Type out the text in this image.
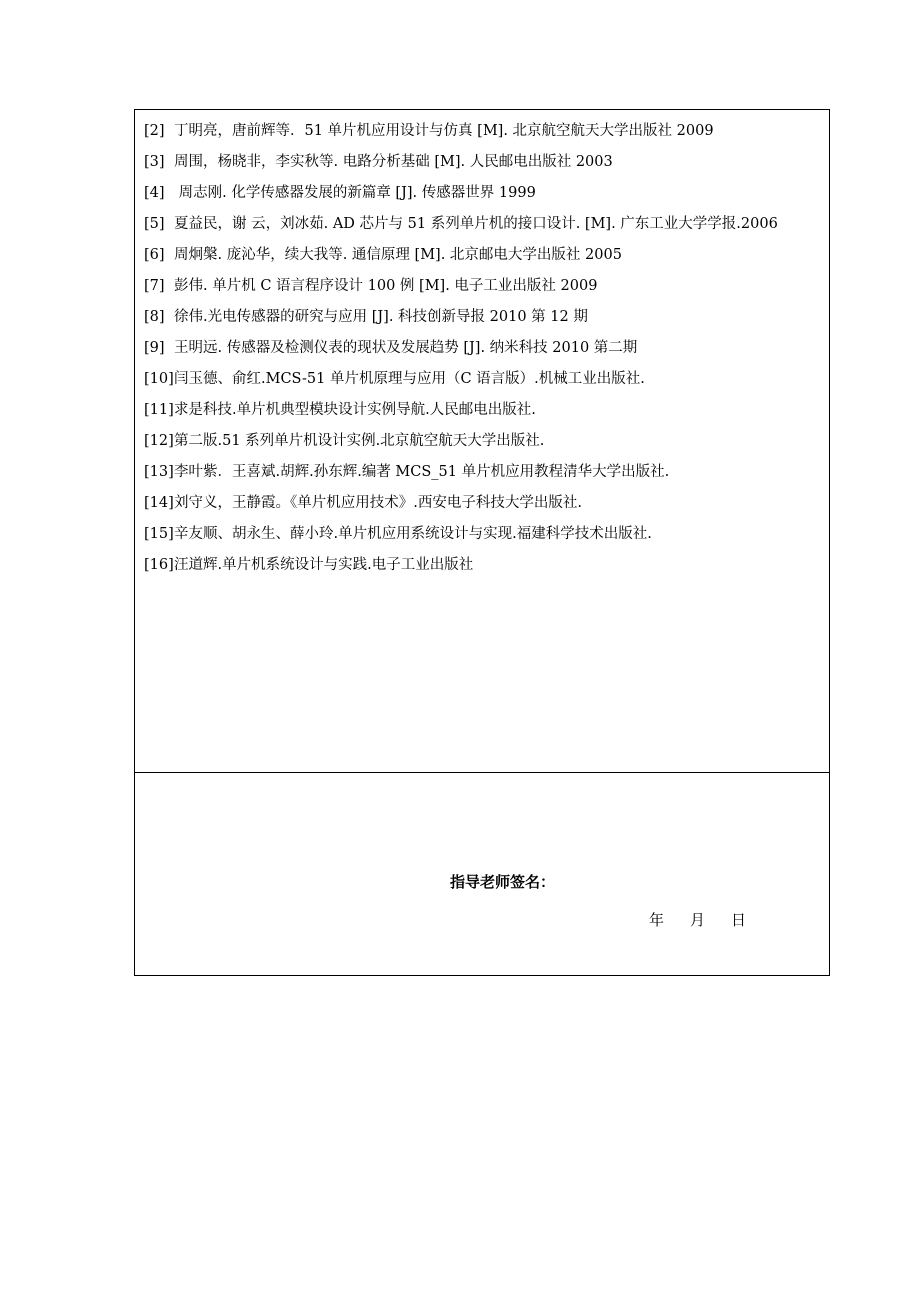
[2] 丁明亮，唐前辉等．51 单片机应用设计与仿真 [M]. 北京航空航天大学出版社 2009
[3] 周围，杨晓非，李实秋等. 电路分析基础 [M]. 人民邮电出版社 2003
[4] 周志刚. 化学传感器发展的新篇章 [J]. 传感器世界 1999
[5] 夏益民，谢 云，刘冰茹. AD 芯片与 51 系列单片机的接口设计. [M]. 广东工业大学学报.2006
[6] 周炯槃. 庞沁华，续大我等. 通信原理 [M]. 北京邮电大学出版社 2005
[7] 彭伟. 单片机 C 语言程序设计 100 例 [M]. 电子工业出版社 2009
[8] 徐伟.光电传感器的研究与应用 [J]. 科技创新导报 2010 第 12 期
[9] 王明远. 传感器及检测仪表的现状及发展趋势 [J]. 纳米科技 2010 第二期
[10]闫玉德、俞红.MCS-51 单片机原理与应用（C 语言版）.机械工业出版社.
[11]求是科技.单片机典型模块设计实例导航.人民邮电出版社.
[12]第二版.51 系列单片机设计实例.北京航空航天大学出版社.
[13]李叶紫．王喜斌.胡辉.孙东辉.编著 MCS_51 单片机应用教程清华大学出版社.
[14]刘守义，王静霞。《单片机应用技术》.西安电子科技大学出版社.
[15]辛友顺、胡永生、薛小玲.单片机应用系统设计与实现.福建科学技术出版社.
[16]汪道辉.单片机系统设计与实践.电子工业出版社
指导老师签名：
年 月 日
